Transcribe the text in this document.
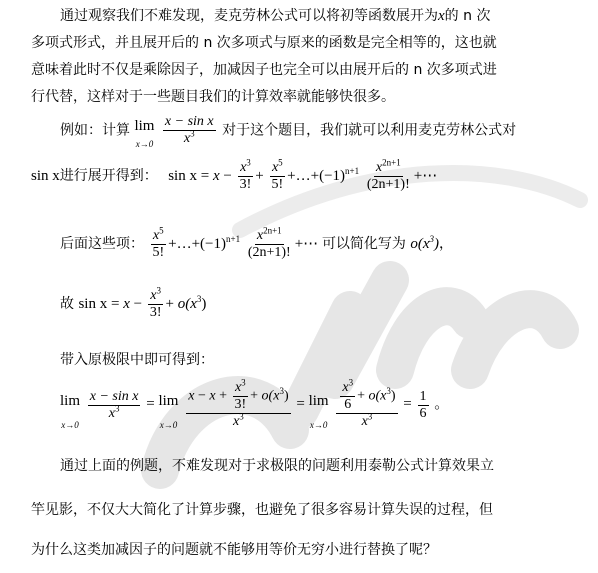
通过观察我们不难发现，麦克劳林公式可以将初等函数展开为x的 n 次
多项式形式，并且展开后的 n 次多项式与原来的函数是完全相等的，这也就
意味着此时不仅是乘除因子，加减因子也完全可以由展开后的 n 次多项式进
行代替，这样对于一些题目我们的计算效率就能够快很多。
例如：计算 lim
x→0
$\frac{\text{x − sin x}}{x^3}$ 对于这个题目，我们就可以利用麦克劳林公式对
sin x进行展开得到： $\sin x = x - \frac{x^3}{3!} + \frac{x^5}{5!}$ $+\dots+(-1)^{n+1} \frac{x^{2n+1}}{(2n+1)!}$ +⋯
后面这些项： $\frac{x^5}{5!}$ $+\dots+(-1)^{n+1} \frac{x^{2n+1}}{(2n+1)!}$ +⋯ 可以简化写为 $o(x^3)$，
故 $\sin x = x - \frac{x^3}{3!} + o(x^3)$
带入原极限中即可得到：
lim
x→0

$\frac{\text{x − sin x}}{x^3} = \lim$
x→0
$\frac{x - x + \frac{x^3}{3!} + o(x^3)}{x^3} = \lim$
x→0
$\frac{\frac{x^3}{6} + o(x^3)}{x^3} = \frac{1}{6}$ 。
通过上面的例题，不难发现对于求极限的问题利用泰勒公式计算效果立
竿见影，不仅大大简化了计算步骤，也避免了很多容易计算失误的过程，但
为什么这类加减因子的问题就不能够用等价无穷小进行替换了呢？
